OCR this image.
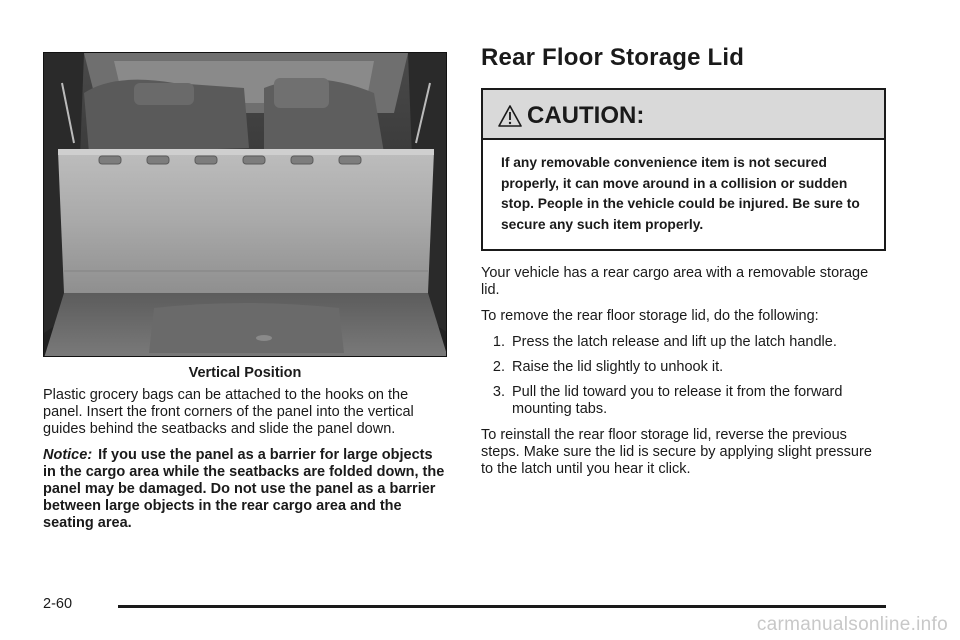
Vertical Position

Plastic grocery bags can be attached to the hooks on the panel. Insert the front corners of the panel into the vertical guides behind the seatbacks and slide the panel down.

Notice: If you use the panel as a barrier for large objects in the cargo area while the seatbacks are folded down, the panel may be damaged. Do not use the panel as a barrier between large objects in the rear cargo area and the seating area.
Rear Floor Storage Lid
CAUTION:
If any removable convenience item is not secured properly, it can move around in a collision or sudden stop. People in the vehicle could be injured. Be sure to secure any such item properly.

Your vehicle has a rear cargo area with a removable storage lid.

To remove the rear floor storage lid, do the following:

1. Press the latch release and lift up the latch handle.
2. Raise the lid slightly to unhook it.
3. Pull the lid toward you to release it from the forward mounting tabs.

To reinstall the rear floor storage lid, reverse the previous steps. Make sure the lid is secure by applying slight pressure to the latch until you hear it click.

2-60
carmanualsonline.info
